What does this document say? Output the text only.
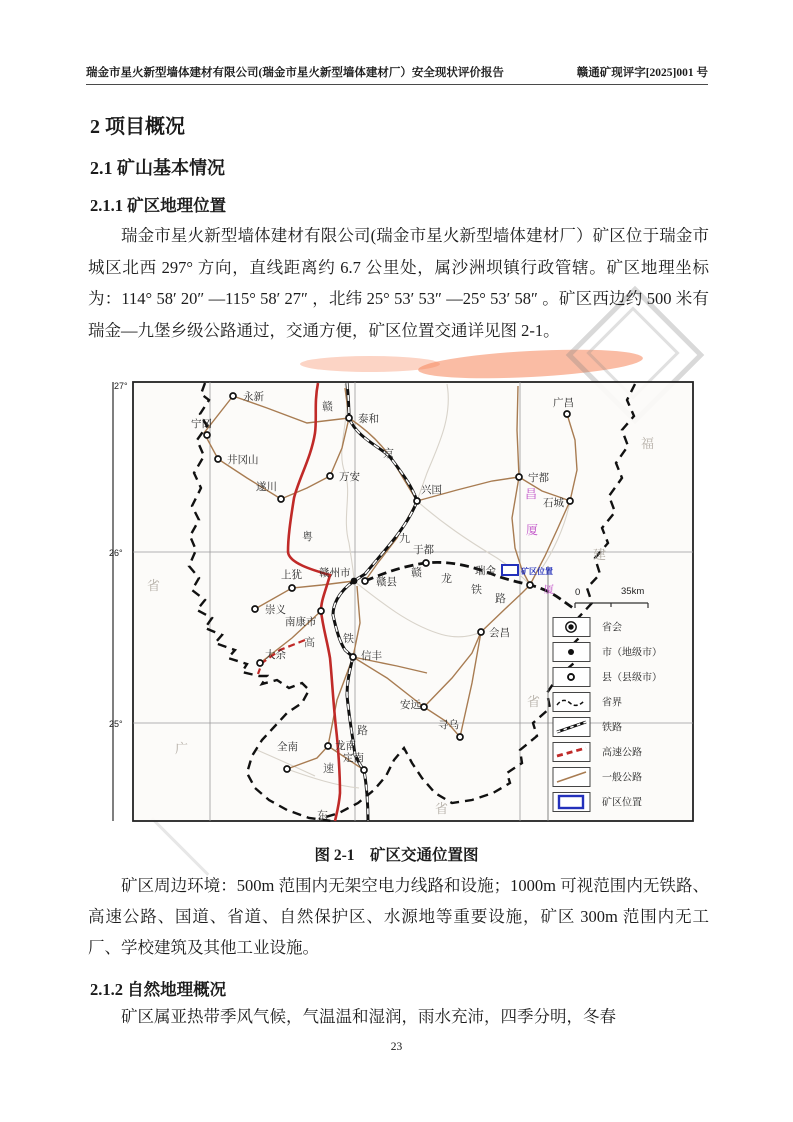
瑞金市星火新型墙体建材有限公司(瑞金市星火新型墙体建材厂）安全现状评价报告	赣通矿现评字[2025]001 号
2 项目概况
2.1 矿山基本情况
2.1.1 矿区地理位置
瑞金市星火新型墙体建材有限公司(瑞金市星火新型墙体建材厂）矿区位于瑞金市城区北西 297° 方向，直线距离约 6.7 公里处，属沙洲坝镇行政管辖。矿区地理坐标为：114° 58′ 20″ —115° 58′ 27″ ，北纬 25° 53′ 53″ —25° 53′ 58″ 。矿区西边约 500 米有瑞金—九堡乡级公路通过，交通方便，矿区位置交通详见图 2-1。
0	35km
27°
26°
25°
省
广
省
福
建
省
昌
厦
厦
京
九
赣 龙
铁
路
铁
路
赣
粤
高
速
东
永新
宁冈
井冈山
遂川
万安
泰和
兴国
宁都
广昌
石城
于都
会昌
安远
寻乌
上犹 赣州市
赣县
南康市
崇义
大余	信丰
全南	龙南
定南
瑞金	矿区位置
省会
市（地级市）
县（县级市）
省界
铁路
高速公路
一般公路
矿区位置
图 2-1　矿区交通位置图
矿区周边环境：500m 范围内无架空电力线路和设施；1000m 可视范围内无铁路、高速公路、国道、省道、自然保护区、水源地等重要设施，矿区 300m 范围内无工厂、学校建筑及其他工业设施。
2.1.2 自然地理概况
矿区属亚热带季风气候，气温温和湿润，雨水充沛，四季分明，冬春
23
